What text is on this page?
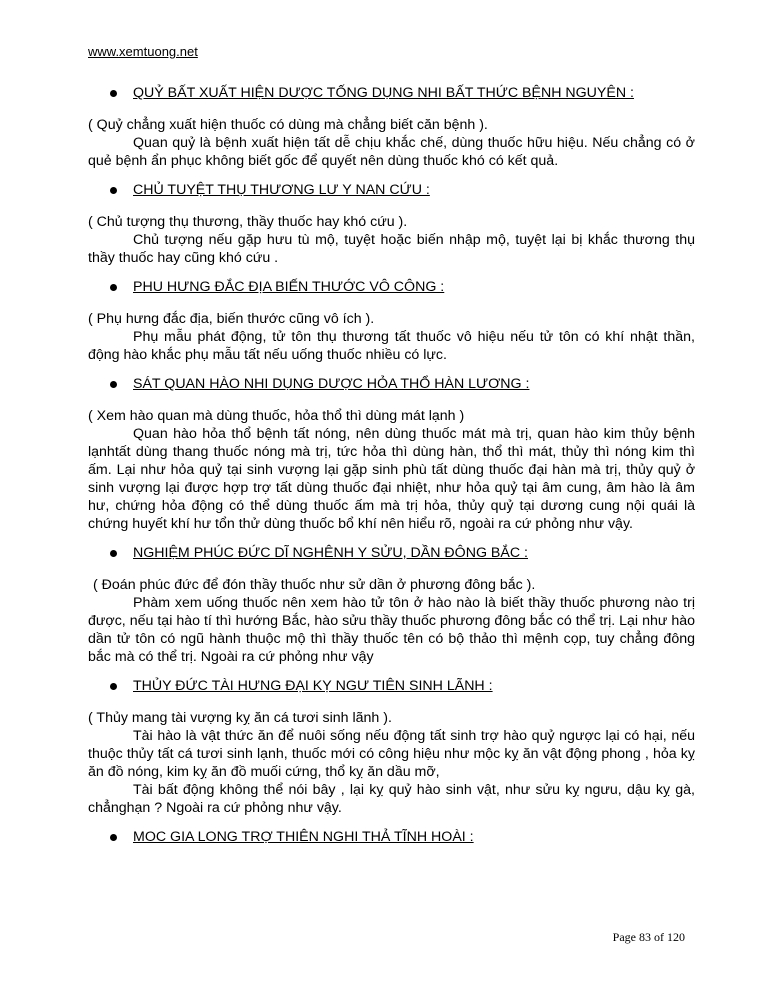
www.xemtuong.net
QUỶ BẤT XUẤT HIỆN DƯỢC TỐNG DỤNG NHI BẤT THỨC BỆNH NGUYÊN :

( Quỷ chẳng xuất hiện thuốc có dùng mà chẳng biết căn bệnh ).

Quan quỷ là bệnh xuất hiện tất dễ chịu khắc chế, dùng thuốc hữu hiệu. Nếu chẳng có ở quẻ bệnh ẩn phục không biết gốc để quyết nên dùng thuốc khó có kết quả.

CHỦ TUYỆT THỤ THƯƠNG LƯ Y NAN CỨU :

( Chủ tượng thụ thương, thầy thuốc hay khó cứu ).

Chủ tượng nếu gặp hưu tù mộ, tuyệt hoặc biến nhập mộ, tuyệt lại bị khắc thương thụ thầy thuốc hay cũng khó cứu .

PHU HƯNG ĐẮC ĐỊA BIẾN THƯỚC VÔ CÔNG :

( Phụ hưng đắc địa, biến thước cũng vô ích ).

Phụ mẫu phát động, tử tôn thụ thương tất thuốc vô hiệu nếu tử tôn có khí nhật thần, động hào khắc phụ mẫu tất nếu uống thuốc nhiều có lực.

SÁT QUAN HÀO NHI DỤNG DƯỢC HỎA THỔ HÀN LƯƠNG :

( Xem hào quan mà dùng thuốc, hỏa thổ thì dùng mát lạnh )

Quan hào hỏa thổ bệnh tất nóng, nên dùng thuốc mát mà trị, quan hào kim thủy bệnh lạnhtất dùng thang thuốc nóng mà trị, tức hỏa thì dùng hàn, thổ thì mát, thủy thì nóng kim thì ấm. Lại như hỏa quỷ tại sinh vượng lại gặp sinh phù tất dùng thuốc đại hàn mà trị, thủy quỷ ở sinh vượng lại được hợp trợ tất dùng thuốc đại nhiệt, như hỏa quỷ tại âm cung, âm hào là âm hư, chứng hỏa động có thể dùng thuốc ấm mà trị hỏa, thủy quỷ tại dương cung nội quái là chứng huyết khí hư tổn thử dùng thuốc bổ khí nên hiểu rõ, ngoài ra cứ phỏng như vậy.

NGHIỆM PHÚC ĐỨC DĨ NGHÊNH Y SỬU, DẦN ĐÔNG BẮC :

( Đoán phúc đức để đón thầy thuốc như sử dần ở phương đông bắc ).

Phàm xem uống thuốc nên xem hào tử tôn ở hào nào là biết thầy thuốc phương nào trị được, nếu tại hào tí thì hướng Bắc, hào sửu thầy thuốc phương đông bắc có thể trị. Lại như hào dần tử tôn có ngũ hành thuộc mộ thì thầy thuốc tên có bộ thảo thì mệnh cọp, tuy chẳng đông bắc mà có thể trị. Ngoài ra cứ phỏng như vậy

THỦY ĐỨC TÀI HƯNG ĐẠI KỴ NGƯ TIÊN SINH LÃNH :

( Thủy mang tài vượng kỵ ăn cá tươi sinh lãnh ).

Tài hào là vật thức ăn để nuôi sống nếu động tất sinh trợ hào quỷ ngược lại có hại, nếu thuộc thủy tất cá tươi sinh lạnh, thuốc mới có công hiệu như mộc kỵ ăn vật động phong , hỏa kỵ ăn đồ nóng, kim kỵ ăn đồ muối cứng, thổ kỵ ăn dầu mỡ,

Tài bất động không thể nói bây , lại kỵ quỷ hào sinh vật, như sửu kỵ ngưu, dậu kỵ gà, chẳnghạn ? Ngoài ra cứ phỏng như vậy.

MOC GIA LONG TRỢ THIÊN NGHI THẢ TĨNH HOÀI :
Page 83 of 120
